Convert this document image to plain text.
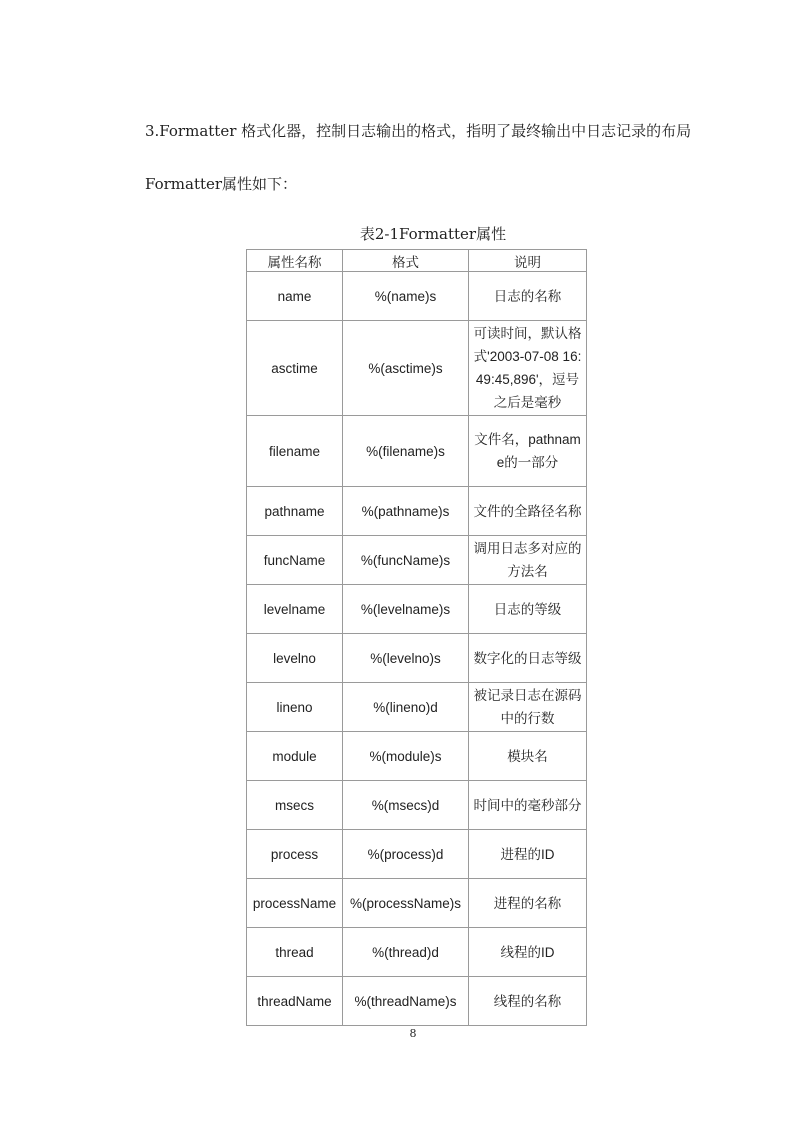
3.Formatter 格式化器，控制日志输出的格式，指明了最终输出中日志记录的布局

Formatter属性如下：

表2-1Formatter属性
属性名称	格式	说明
name	%(name)s	日志的名称
asctime	%(asctime)s	可读时间，默认格式'2003-07-08 16:49:45,896'，逗号之后是毫秒
filename	%(filename)s	文件名，pathname的一部分
pathname	%(pathname)s	文件的全路径名称
funcName	%(funcName)s	调用日志多对应的方法名
levelname	%(levelname)s	日志的等级
levelno	%(levelno)s	数字化的日志等级
lineno	%(lineno)d	被记录日志在源码中的行数
module	%(module)s	模块名
msecs	%(msecs)d	时间中的毫秒部分
process	%(process)d	进程的ID
processName	%(processName)s	进程的名称
thread	%(thread)d	线程的ID
threadName	%(threadName)s	线程的名称
8
